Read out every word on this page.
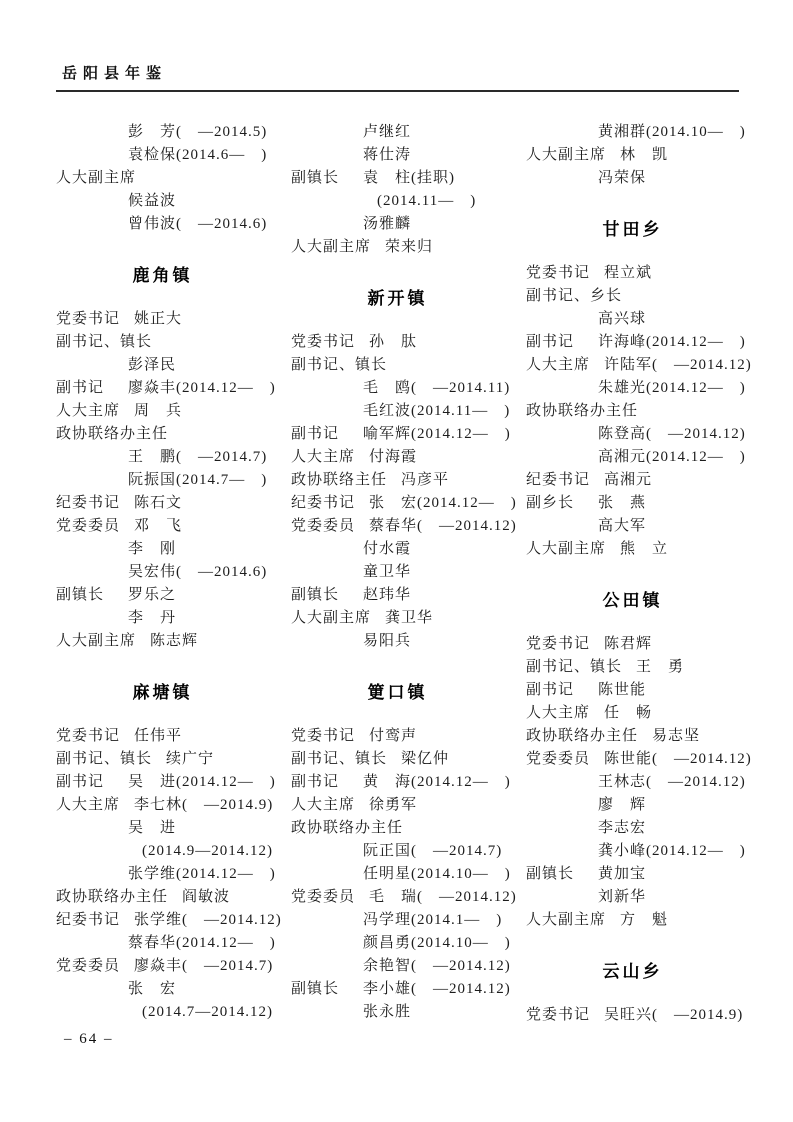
岳阳县年鉴
彭　芳(　—2014.5)
袁检保(2014.6—　)
人大副主席
候益波
曾伟波(　—2014.6)
鹿角镇
党委书记 姚正大
副书记、镇长
彭泽民
副书记	廖焱丰(2014.12—　)
人大主席 周　兵
政协联络办主任
王　鹏(　—2014.7)
阮振国(2014.7—　)
纪委书记 陈石文
党委委员 邓　飞
李　刚
吴宏伟(　—2014.6)
副镇长	罗乐之
李　丹
人大副主席 陈志辉
麻塘镇
党委书记 任伟平
副书记、镇长 续广宁
副书记	吴　进(2014.12—　)
人大主席 李七林(　—2014.9)
吴　进
(2014.9—2014.12)
张学维(2014.12—　)
政协联络办主任 阎敏波
纪委书记 张学维(　—2014.12)
蔡春华(2014.12—　)
党委委员 廖焱丰(　—2014.7)
张　宏
(2014.7—2014.12)
卢继红
蒋仕涛
副镇长	袁　柱(挂职)
(2014.11—　)
汤雅麟
人大副主席 荣来归
新开镇
党委书记 孙　肽
副书记、镇长
毛　鸥(　—2014.11)
毛红波(2014.11—　)
副书记	喻军辉(2014.12—　)
人大主席 付海霞
政协联络主任 冯彦平
纪委书记 张　宏(2014.12—　)
党委委员 蔡春华(　—2014.12)
付水霞
童卫华
副镇长	赵玮华
人大副主席 龚卫华
易阳兵
筻口镇
党委书记 付鸾声
副书记、镇长 梁亿仲
副书记	黄　海(2014.12—　)
人大主席 徐勇军
政协联络办主任
阮正国(　—2014.7)
任明星(2014.10—　)
党委委员 毛　瑞(　—2014.12)
冯学理(2014.1—　)
颜昌勇(2014.10—　)
余艳智(　—2014.12)
副镇长	李小雄(　—2014.12)
张永胜
黄湘群(2014.10—　)
人大副主席 林　凯
冯荣保
甘田乡
党委书记 程立斌
副书记、乡长
高兴球
副书记	许海峰(2014.12—　)
人大主席 许陆军(　—2014.12)
朱雄光(2014.12—　)
政协联络办主任
陈登高(　—2014.12)
高湘元(2014.12—　)
纪委书记 高湘元
副乡长	张　燕
高大军
人大副主席 熊　立
公田镇
党委书记 陈君辉
副书记、镇长 王　勇
副书记	陈世能
人大主席 任　畅
政协联络办主任 易志坚
党委委员 陈世能(　—2014.12)
王林志(　—2014.12)
廖　辉
李志宏
龚小峰(2014.12—　)
副镇长	黄加宝
刘新华
人大副主席 方　魁
云山乡
党委书记 吴旺兴(　—2014.9)
– 64 –
